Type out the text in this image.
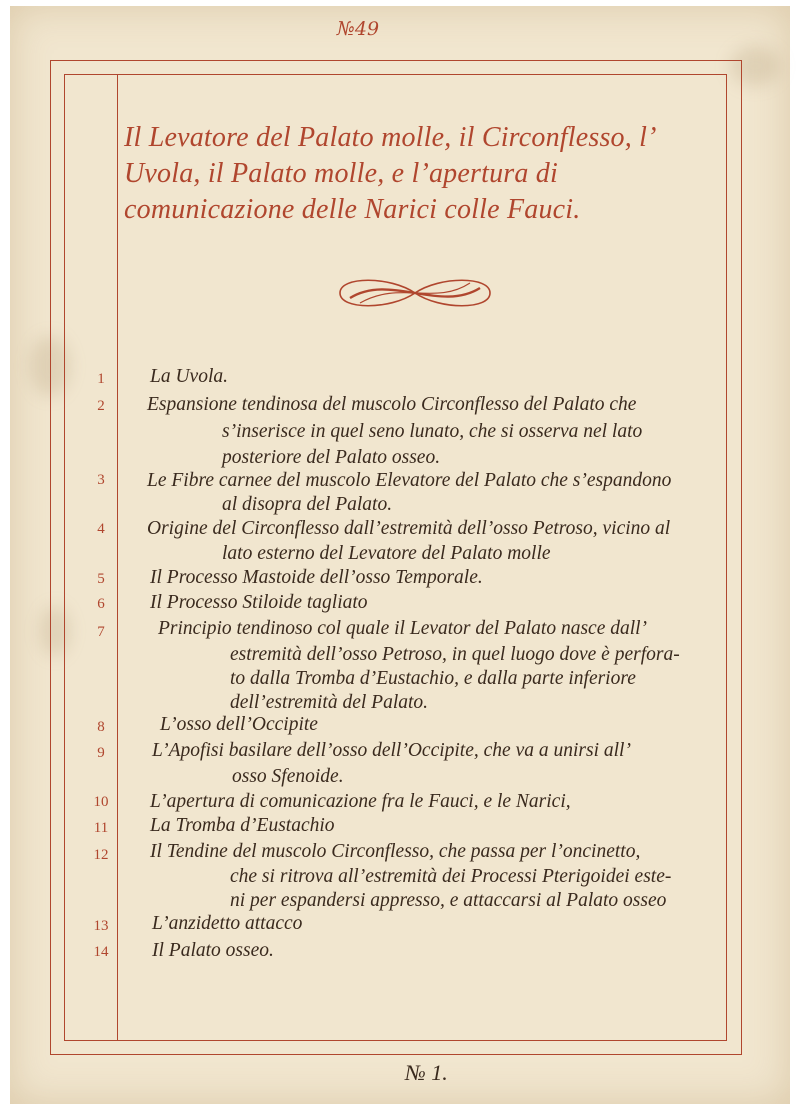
№49
Il Levatore del Palato molle, il Circonflesso, l’
Uvola, il Palato molle, e l’apertura di
comunicazione delle Narici colle Fauci.
1	La Uvola.
2	Espansione tendinosa del muscolo Circonflesso del Palato che
s’inserisce in quel seno lunato, che si osserva nel lato
posteriore del Palato osseo.
3	Le Fibre carnee del muscolo Elevatore del Palato che s’espandono
al disopra del Palato.
4	Origine del Circonflesso dall’estremità dell’osso Petroso, vicino al
lato esterno del Levatore del Palato molle
5	Il Processo Mastoide dell’osso Temporale.
6	Il Processo Stiloide tagliato
7	Principio tendinoso col quale il Levator del Palato nasce dall’
estremità dell’osso Petroso, in quel luogo dove è perfora-
to dalla Tromba d’Eustachio, e dalla parte inferiore
dell’estremità del Palato.
8	L’osso dell’Occipite
9	L’Apofisi basilare dell’osso dell’Occipite, che va a unirsi all’
osso Sfenoide.
10	L’apertura di comunicazione fra le Fauci, e le Narici,
11	La Tromba d’Eustachio
12	Il Tendine del muscolo Circonflesso, che passa per l’oncinetto,
che si ritrova all’estremità dei Processi Pterigoidei este-
ni per espandersi appresso, e attaccarsi al Palato osseo
13	L’anzidetto attacco
14	Il Palato osseo.
№ 1.
